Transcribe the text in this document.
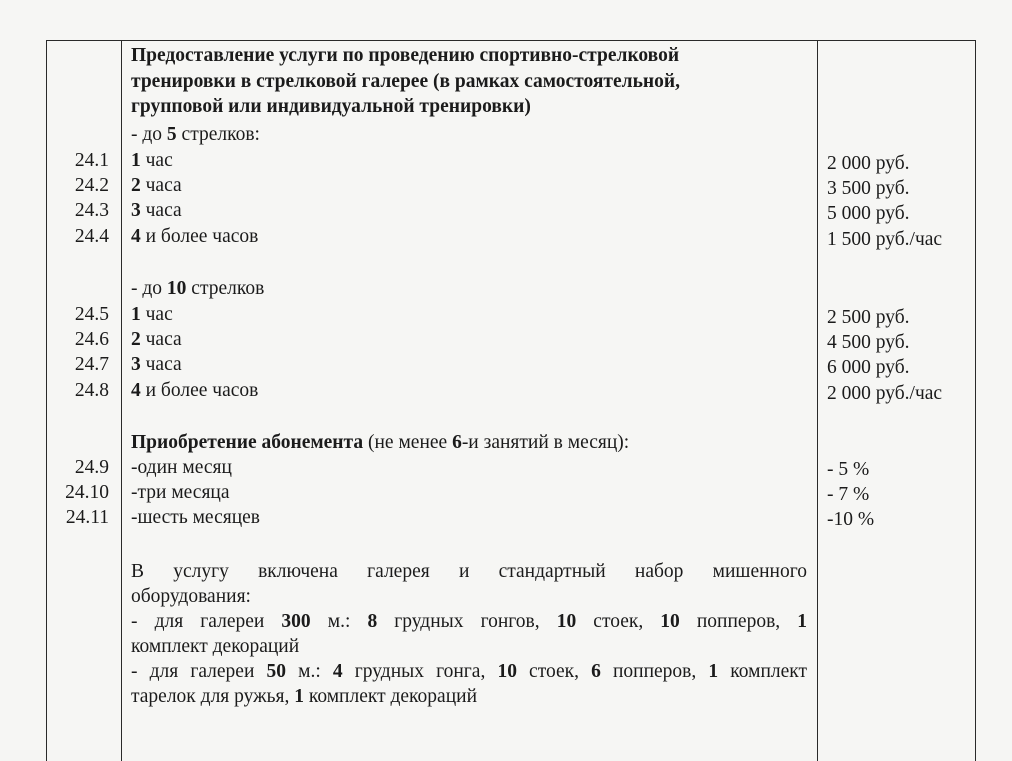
Предоставление услуги по проведению спортивно-стрелковой
тренировки в стрелковой галерее (в рамках самостоятельной,
групповой или индивидуальной тренировки)
- до 5 стрелков:
24.1 1 час	2 000 руб.
24.2 2 часа	3 500 руб.
24.3 3 часа	5 000 руб.
24.4 4 и более часов	1 500 руб./час
- до 10 стрелков
24.5 1 час	2 500 руб.
24.6 2 часа	4 500 руб.
24.7 3 часа	6 000 руб.
24.8 4 и более часов	2 000 руб./час
Приобретение абонемента (не менее 6-и занятий в месяц):
24.9 -один месяц	- 5 %
24.10 -три месяца	- 7 %
24.11 -шесть месяцев	-10 %
В услугу включена галерея и стандартный набор мишенного
оборудования:
- для галереи 300 м.: 8 грудных гонгов, 10 стоек, 10 попперов, 1
комплект декораций
- для галереи 50 м.: 4 грудных гонга, 10 стоек, 6 попперов, 1 комплект
тарелок для ружья, 1 комплект декораций
